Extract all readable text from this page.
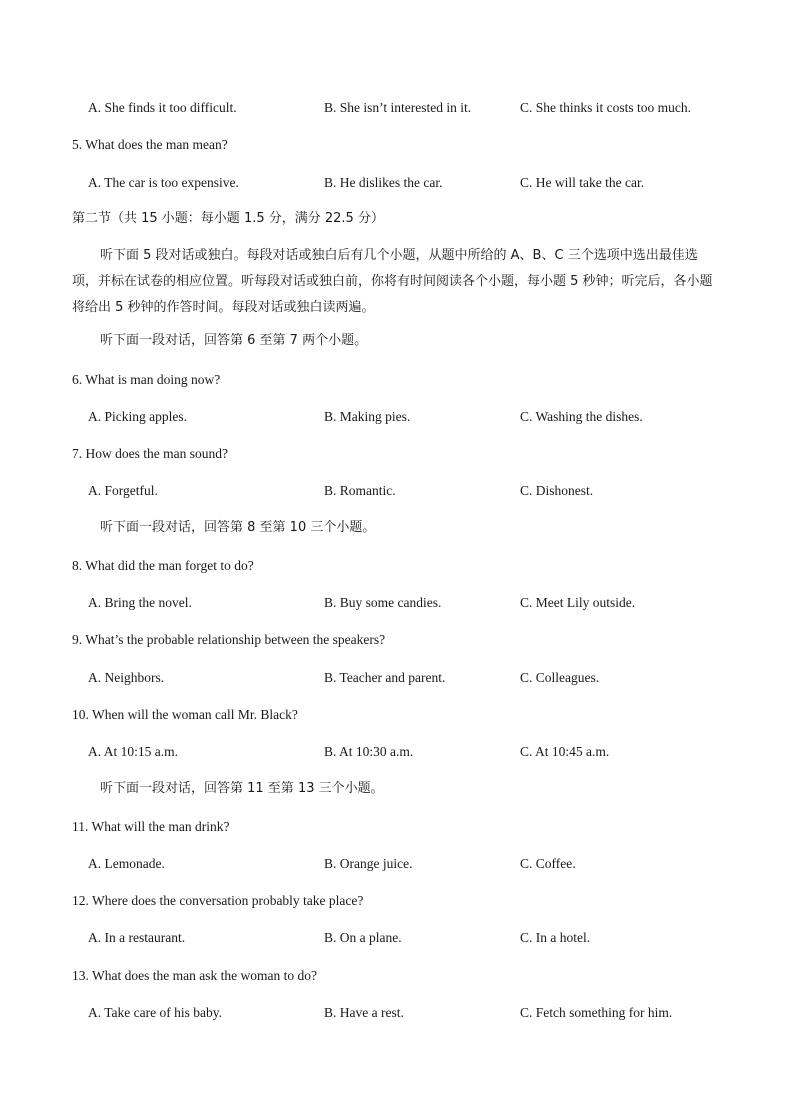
A. She finds it too difficult.	B. She isn’t interested in it.	C. She thinks it costs too much.
5. What does the man mean?
A. The car is too expensive.	B. He dislikes the car.	C. He will take the car.
第二节（共 15 小题：每小题 1.5 分，满分 22.5 分）
听下面 5 段对话或独白。每段对话或独白后有几个小题，从题中所给的 A、B、C 三个选项中选出最佳选项，并标在试卷的相应位置。听每段对话或独白前，你将有时间阅读各个小题，每小题 5 秒钟；听完后，各小题将给出 5 秒钟的作答时间。每段对话或独白读两遍。
听下面一段对话，回答第 6 至第 7 两个小题。
6. What is man doing now?
A. Picking apples.	B. Making pies.	C. Washing the dishes.
7. How does the man sound?
A. Forgetful.	B. Romantic.	C. Dishonest.
听下面一段对话，回答第 8 至第 10 三个小题。
8. What did the man forget to do?
A. Bring the novel.	B. Buy some candies.	C. Meet Lily outside.
9. What’s the probable relationship between the speakers?
A. Neighbors.	B. Teacher and parent.	C. Colleagues.
10. When will the woman call Mr. Black?
A. At 10:15 a.m.	B. At 10:30 a.m.	C. At 10:45 a.m.
听下面一段对话，回答第 11 至第 13 三个小题。
11. What will the man drink?
A. Lemonade.	B. Orange juice.	C. Coffee.
12. Where does the conversation probably take place?
A. In a restaurant.	B. On a plane.	C. In a hotel.
13. What does the man ask the woman to do?
A. Take care of his baby.	B. Have a rest.	C. Fetch something for him.
